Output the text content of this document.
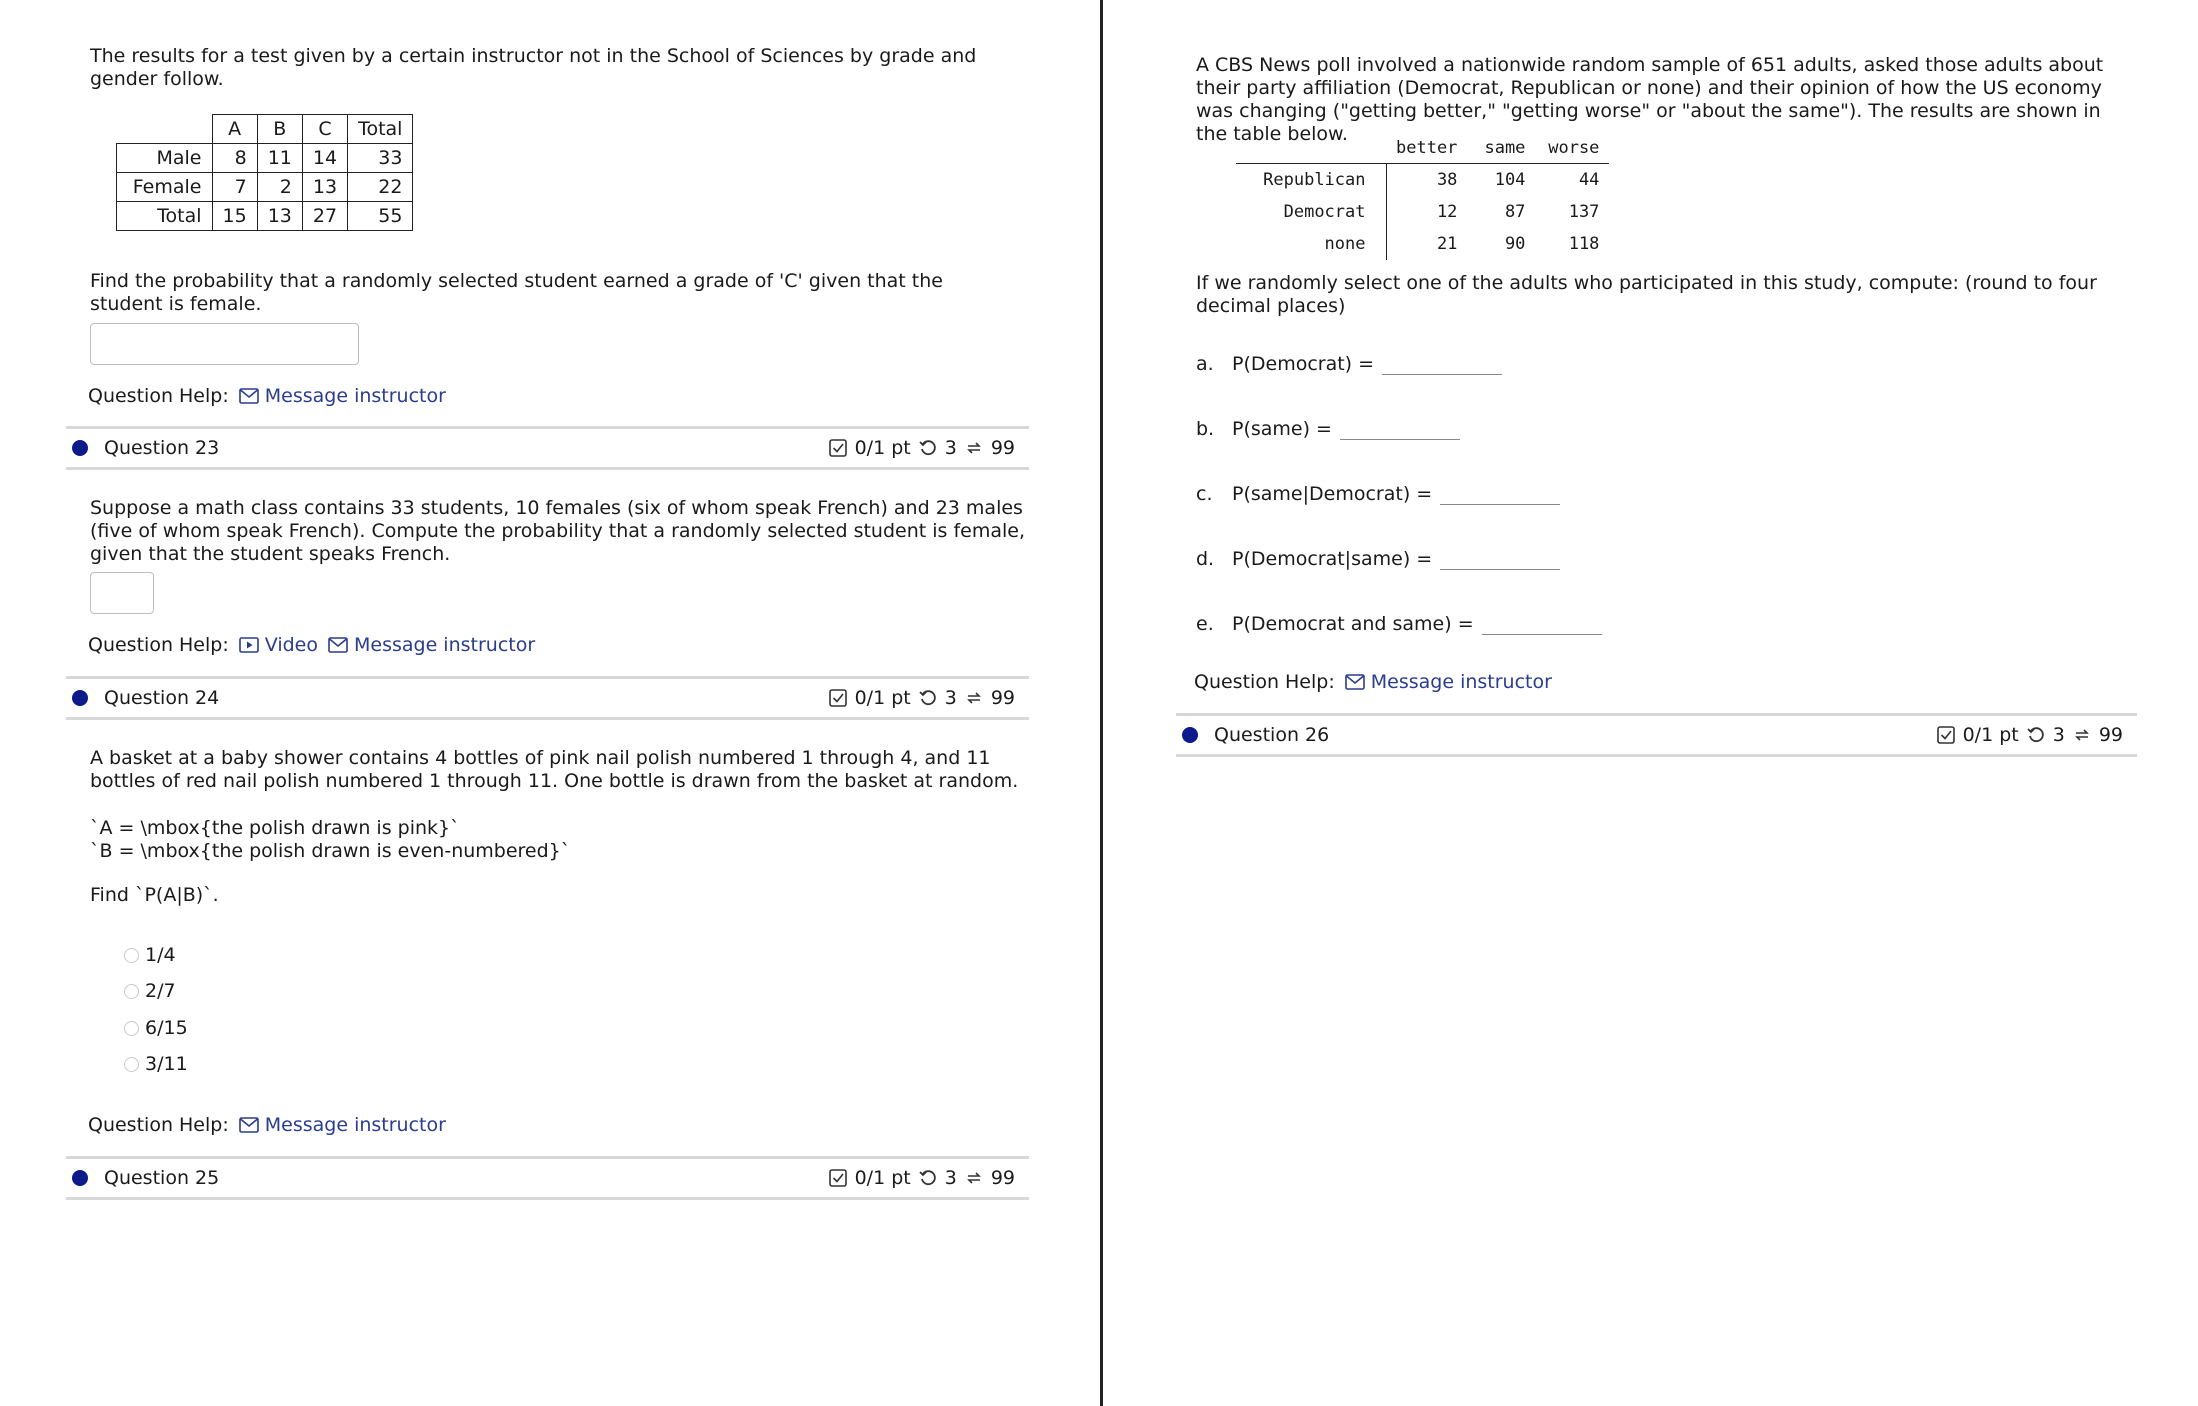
The results for a test given by a certain instructor not in the School of Sciences by grade and gender follow.

	A	B	C	Total
Male	8	11	14	33
Female	7	2	13	22
Total	15	13	27	55

Find the probability that a randomly selected student earned a grade of 'C' given that the student is female.

Question Help: Message instructor
Question 23	0/1 pt 3 99

Suppose a math class contains 33 students, 10 females (six of whom speak French) and 23 males (five of whom speak French). Compute the probability that a randomly selected student is female, given that the student speaks French.

Question Help: Video Message instructor
Question 24	0/1 pt 3 99

A basket at a baby shower contains 4 bottles of pink nail polish numbered 1 through 4, and 11 bottles of red nail polish numbered 1 through 11. One bottle is drawn from the basket at random.

`A = \mbox{the polish drawn is pink}`

`B = \mbox{the polish drawn is even-numbered}`

Find `P(A|B)`.

1/4
2/7
6/15
3/11
Question Help: Message instructor
Question 25	0/1 pt 3 99

A CBS News poll involved a nationwide random sample of 651 adults, asked those adults about their party affiliation (Democrat, Republican or none) and their opinion of how the US economy was changing ("getting better," "getting worse" or "about the same"). The results are shown in the table below.

	better	same	worse
Republican	38	104	44
Democrat	12	87	137
none	21	90	118

If we randomly select one of the adults who participated in this study, compute: (round to four decimal places)

a. P(Democrat) =
b. P(same) =
c.	P(same|Democrat) =
d. P(Democrat|same) =
e. P(Democrat and same) =
Question Help: Message instructor
Question 26	0/1 pt 3 99
